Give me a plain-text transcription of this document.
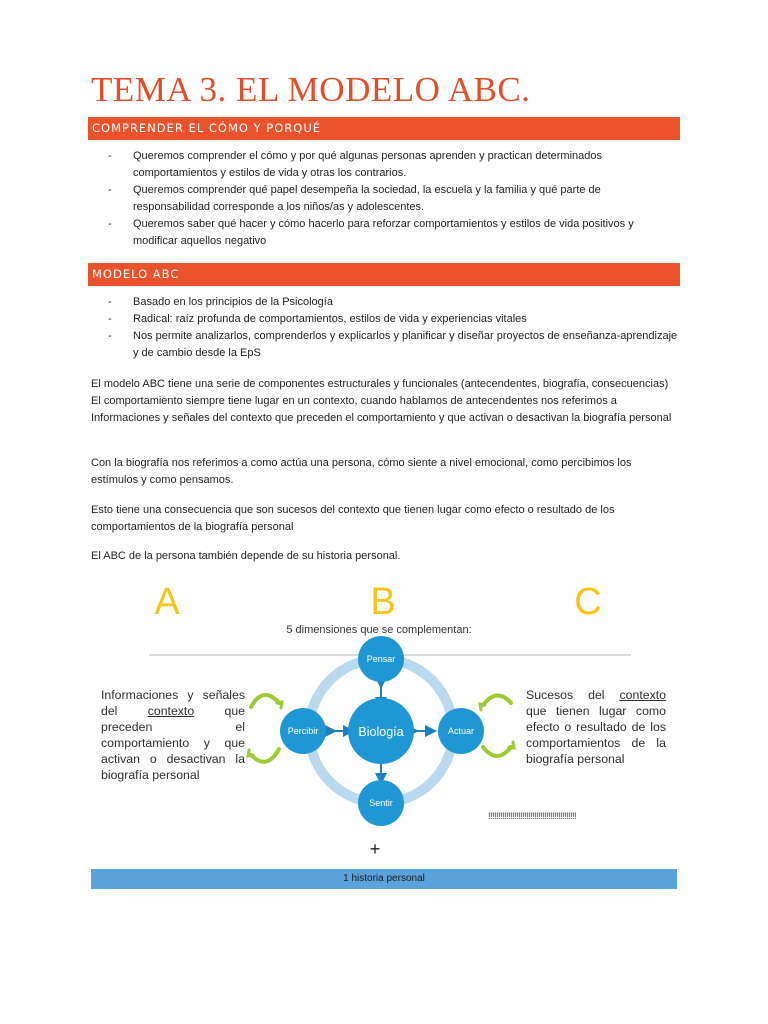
TEMA 3. EL MODELO ABC.
COMPRENDER EL CÓMO Y PORQUÉ
- Queremos comprender el cómo y por qué algunas personas aprenden y practican determinados comportamientos y estilos de vida y otras los contrarios.
- Queremos comprender qué papel desempeña la sociedad, la escuela y la familia y qué parte de responsabilidad corresponde a los niños/as y adolescentes.
- Queremos saber qué hacer y cómo hacerlo para reforzar comportamientos y estilos de vida positivos y modificar aquellos negativo
MODELO ABC
- Basado en los principios de la Psicología
- Radical: raíz profunda de comportamientos, estilos de vida y experiencias vitales
- Nos permite analizarlos, comprenderlos y explicarlos y planificar y diseñar proyectos de enseñanza-aprendizaje y de cambio desde la EpS

El modelo ABC tiene una serie de componentes estructurales y funcionales (antecendentes, biografía, consecuencias) El comportamiento siempre tiene lugar en un contexto, cuando hablamos de antecendentes nos referimos a Informaciones y señales del contexto que preceden el comportamiento y que activan o desactivan la biografía personal

Con la biografía nos referimos a como actúa una persona, cómo siente a nivel emocional, como percibimos los estímulos y como pensamos.

Esto tiene una consecuencia que son sucesos del contexto que tienen lugar como efecto o resultado de los comportamientos de la biografía personal

El ABC de la persona también depende de su historia personal.

A	B	C
5 dimensiones que se complementan:
Pensar
Percibir	Actuar
Sentir
Biología
+
Informaciones y señales del contexto que preceden el comportamiento y que activan o desactivan la biografía personal
Sucesos del contexto que tienen lugar como efecto o resultado de los comportamientos de la biografía personal
!!!!!!!!!!!!!!!!!!!!!!!!!!!!!!!!!!!!!!!!!!!!
1 historia personal
